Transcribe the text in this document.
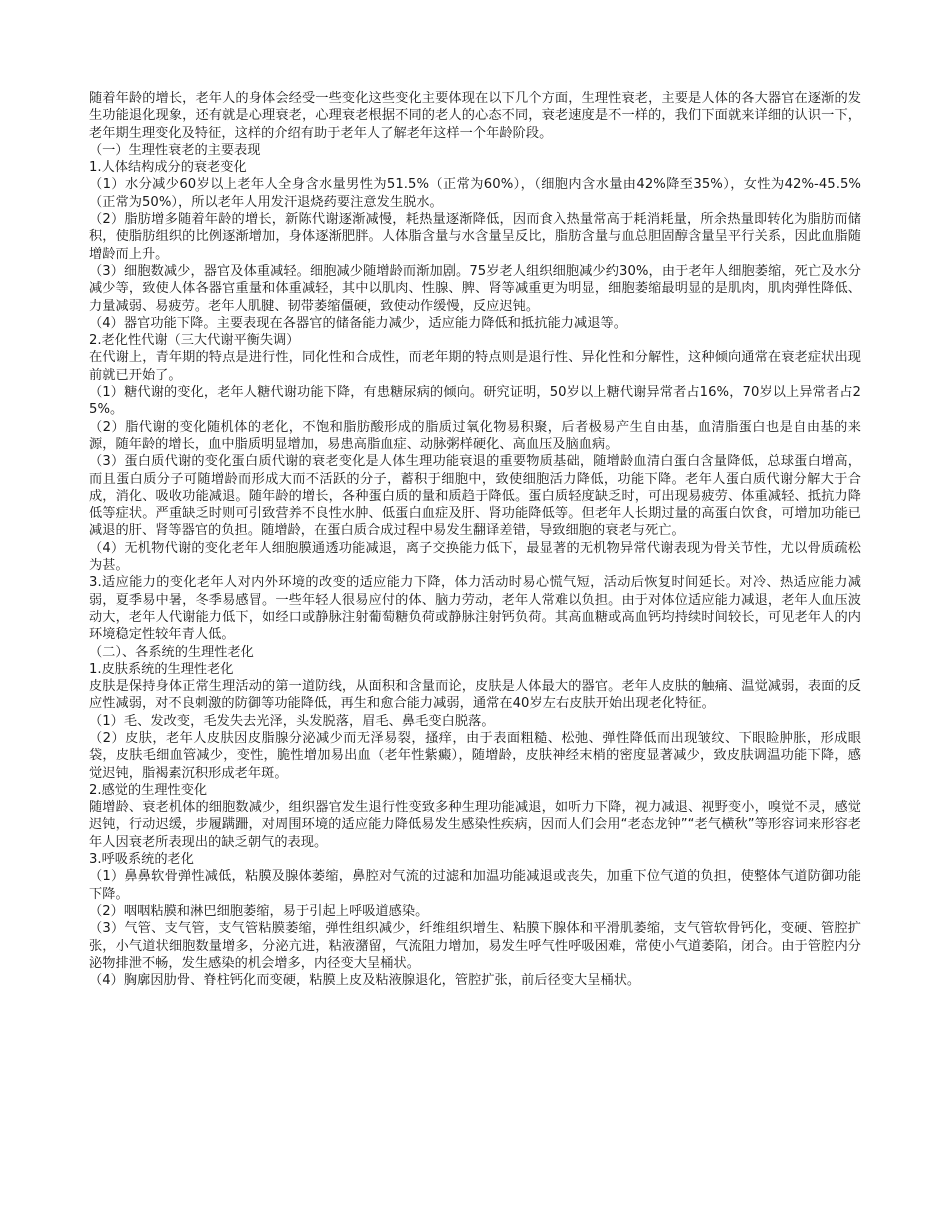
随着年龄的增长，老年人的身体会经受一些变化这些变化主要体现在以下几个方面，生理性衰老，主要是人体的各大器官在逐渐的发生功能退化现象，还有就是心理衰老，心理衰老根据不同的老人的心态不同，衰老速度是不一样的，我们下面就来详细的认识一下，老年期生理变化及特征，这样的介绍有助于老年人了解老年这样一个年龄阶段。

（一）生理性衰老的主要表现

1.人体结构成分的衰老变化

（1）水分减少60岁以上老年人全身含水量男性为51.5%（正常为60%），（细胞内含水量由42%降至35%），女性为42%-45.5%（正常为50%），所以老年人用发汗退烧药要注意发生脱水。

（2）脂肪增多随着年龄的增长，新陈代谢逐渐减慢，耗热量逐渐降低，因而食入热量常高于耗消耗量，所余热量即转化为脂肪而储积，使脂肪组织的比例逐渐增加，身体逐渐肥胖。人体脂含量与水含量呈反比，脂肪含量与血总胆固醇含量呈平行关系，因此血脂随增龄而上升。

（3）细胞数减少，器官及体重减轻。细胞减少随增龄而渐加剧。75岁老人组织细胞减少约30%，由于老年人细胞萎缩，死亡及水分减少等，致使人体各器官重量和体重减轻，其中以肌肉、性腺、脾、肾等减重更为明显，细胞萎缩最明显的是肌肉，肌肉弹性降低、力量减弱、易疲劳。老年人肌腱、韧带萎缩僵硬，致使动作缓慢，反应迟钝。

（4）器官功能下降。主要表现在各器官的储备能力减少，适应能力降低和抵抗能力减退等。

2.老化性代谢（三大代谢平衡失调）

在代谢上，青年期的特点是进行性，同化性和合成性，而老年期的特点则是退行性、异化性和分解性，这种倾向通常在衰老症状出现前就已开始了。

（1）糖代谢的变化，老年人糖代谢功能下降，有患糖尿病的倾向。研究证明，50岁以上糖代谢异常者占16%，70岁以上异常者占25%。

（2）脂代谢的变化随机体的老化，不饱和脂肪酸形成的脂质过氧化物易积聚，后者极易产生自由基，血清脂蛋白也是自由基的来源，随年龄的增长，血中脂质明显增加，易患高脂血症、动脉粥样硬化、高血压及脑血病。

（3）蛋白质代谢的变化蛋白质代谢的衰老变化是人体生理功能衰退的重要物质基础，随增龄血清白蛋白含量降低，总球蛋白增高，而且蛋白质分子可随增龄而形成大而不活跃的分子，蓄积于细胞中，致使细胞活力降低，功能下降。老年人蛋白质代谢分解大于合成，消化、吸收功能减退。随年龄的增长，各种蛋白质的量和质趋于降低。蛋白质轻度缺乏时，可出现易疲劳、体重减轻、抵抗力降低等症状。严重缺乏时则可引致营养不良性水肿、低蛋白血症及肝、肾功能降低等。但老年人长期过量的高蛋白饮食，可增加功能已减退的肝、肾等器官的负担。随增龄，在蛋白质合成过程中易发生翻译差错，导致细胞的衰老与死亡。

（4）无机物代谢的变化老年人细胞膜通透功能减退，离子交换能力低下，最显著的无机物异常代谢表现为骨关节性，尤以骨质疏松为甚。

3.适应能力的变化老年人对内外环境的改变的适应能力下降，体力活动时易心慌气短，活动后恢复时间延长。对冷、热适应能力减弱，夏季易中暑，冬季易感冒。一些年轻人很易应付的体、脑力劳动，老年人常难以负担。由于对体位适应能力减退，老年人血压波动大，老年人代谢能力低下，如经口或静脉注射葡萄糖负荷或静脉注射钙负荷。其高血糖或高血钙均持续时间较长，可见老年人的内环境稳定性较年青人低。

（二）、各系统的生理性老化

1.皮肤系统的生理性老化

皮肤是保持身体正常生理活动的第一道防线，从面积和含量而论，皮肤是人体最大的器官。老年人皮肤的触痛、温觉减弱，表面的反应性减弱，对不良刺激的防御等功能降低，再生和愈合能力减弱，通常在40岁左右皮肤开始出现老化特征。

（1）毛、发改变，毛发失去光泽，头发脱落，眉毛、鼻毛变白脱落。

（2）皮肤，老年人皮肤因皮脂腺分泌减少而无泽易裂，搔痒，由于表面粗糙、松弛、弹性降低而出现皱纹、下眼睑肿胀，形成眼袋，皮肤毛细血管减少，变性，脆性增加易出血（老年性紫癜），随增龄，皮肤神经末梢的密度显著减少，致皮肤调温功能下降，感觉迟钝，脂褐素沉积形成老年斑。

2.感觉的生理性变化

随增龄、衰老机体的细胞数减少，组织器官发生退行性变致多种生理功能减退，如听力下降，视力减退、视野变小，嗅觉不灵，感觉迟钝，行动迟缓，步履蹒跚，对周围环境的适应能力降低易发生感染性疾病，因而人们会用“老态龙钟”“老气横秋”等形容词来形容老年人因衰老所表现出的缺乏朝气的表现。

3.呼吸系统的老化

（1）鼻鼻软骨弹性减低，粘膜及腺体萎缩，鼻腔对气流的过滤和加温功能减退或丧失，加重下位气道的负担，使整体气道防御功能下降。

（2）咽咽粘膜和淋巴细胞萎缩，易于引起上呼吸道感染。

（3）气管、支气管，支气管粘膜萎缩，弹性组织减少，纤维组织增生、粘膜下腺体和平滑肌萎缩，支气管软骨钙化，变硬、管腔扩张，小气道状细胞数量增多，分泌亢进，粘液潴留，气流阻力增加，易发生呼气性呼吸困难，常使小气道萎陷，闭合。由于管腔内分泌物排泄不畅，发生感染的机会增多，内径变大呈桶状。

（4）胸廓因肋骨、脊柱钙化而变硬，粘膜上皮及粘液腺退化，管腔扩张，前后径变大呈桶状。
